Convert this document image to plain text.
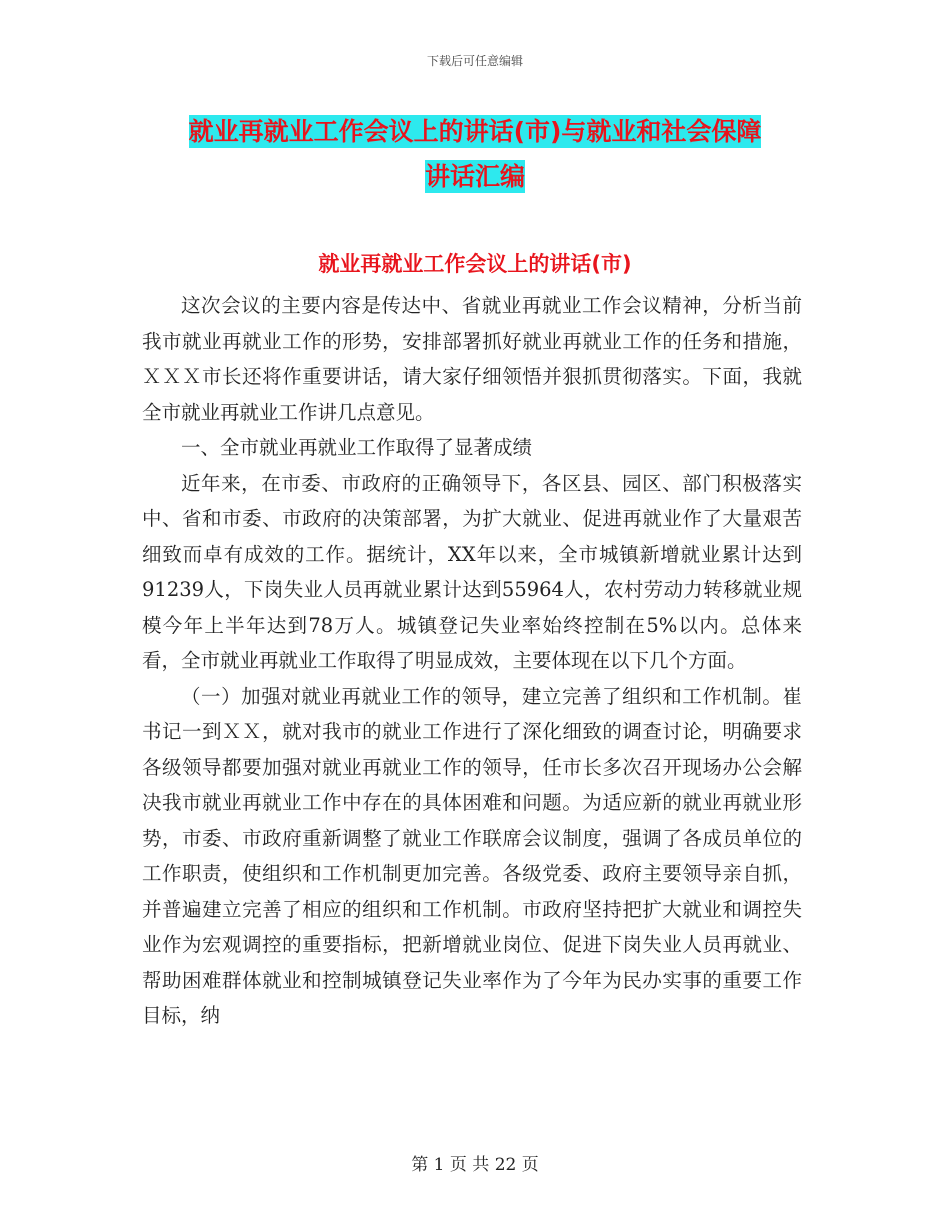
下载后可任意编辑
就业再就业工作会议上的讲话(市)与就业和社会保障
讲话汇编
就业再就业工作会议上的讲话(市)

这次会议的主要内容是传达中、省就业再就业工作会议精神，分析当前我市就业再就业工作的形势，安排部署抓好就业再就业工作的任务和措施，ＸＸＸ市长还将作重要讲话，请大家仔细领悟并狠抓贯彻落实。下面，我就全市就业再就业工作讲几点意见。

一、全市就业再就业工作取得了显著成绩

近年来，在市委、市政府的正确领导下，各区县、园区、部门积极落实中、省和市委、市政府的决策部署，为扩大就业、促进再就业作了大量艰苦细致而卓有成效的工作。据统计，XX年以来，全市城镇新增就业累计达到91239人，下岗失业人员再就业累计达到55964人，农村劳动力转移就业规模今年上半年达到78万人。城镇登记失业率始终控制在5%以内。总体来看，全市就业再就业工作取得了明显成效，主要体现在以下几个方面。

（一）加强对就业再就业工作的领导，建立完善了组织和工作机制。崔书记一到ＸＸ，就对我市的就业工作进行了深化细致的调查讨论，明确要求各级领导都要加强对就业再就业工作的领导，任市长多次召开现场办公会解决我市就业再就业工作中存在的具体困难和问题。为适应新的就业再就业形势，市委、市政府重新调整了就业工作联席会议制度，强调了各成员单位的工作职责，使组织和工作机制更加完善。各级党委、政府主要领导亲自抓，并普遍建立完善了相应的组织和工作机制。市政府坚持把扩大就业和调控失业作为宏观调控的重要指标，把新增就业岗位、促进下岗失业人员再就业、帮助困难群体就业和控制城镇登记失业率作为了今年为民办实事的重要工作目标，纳

第 1 页 共 22 页
